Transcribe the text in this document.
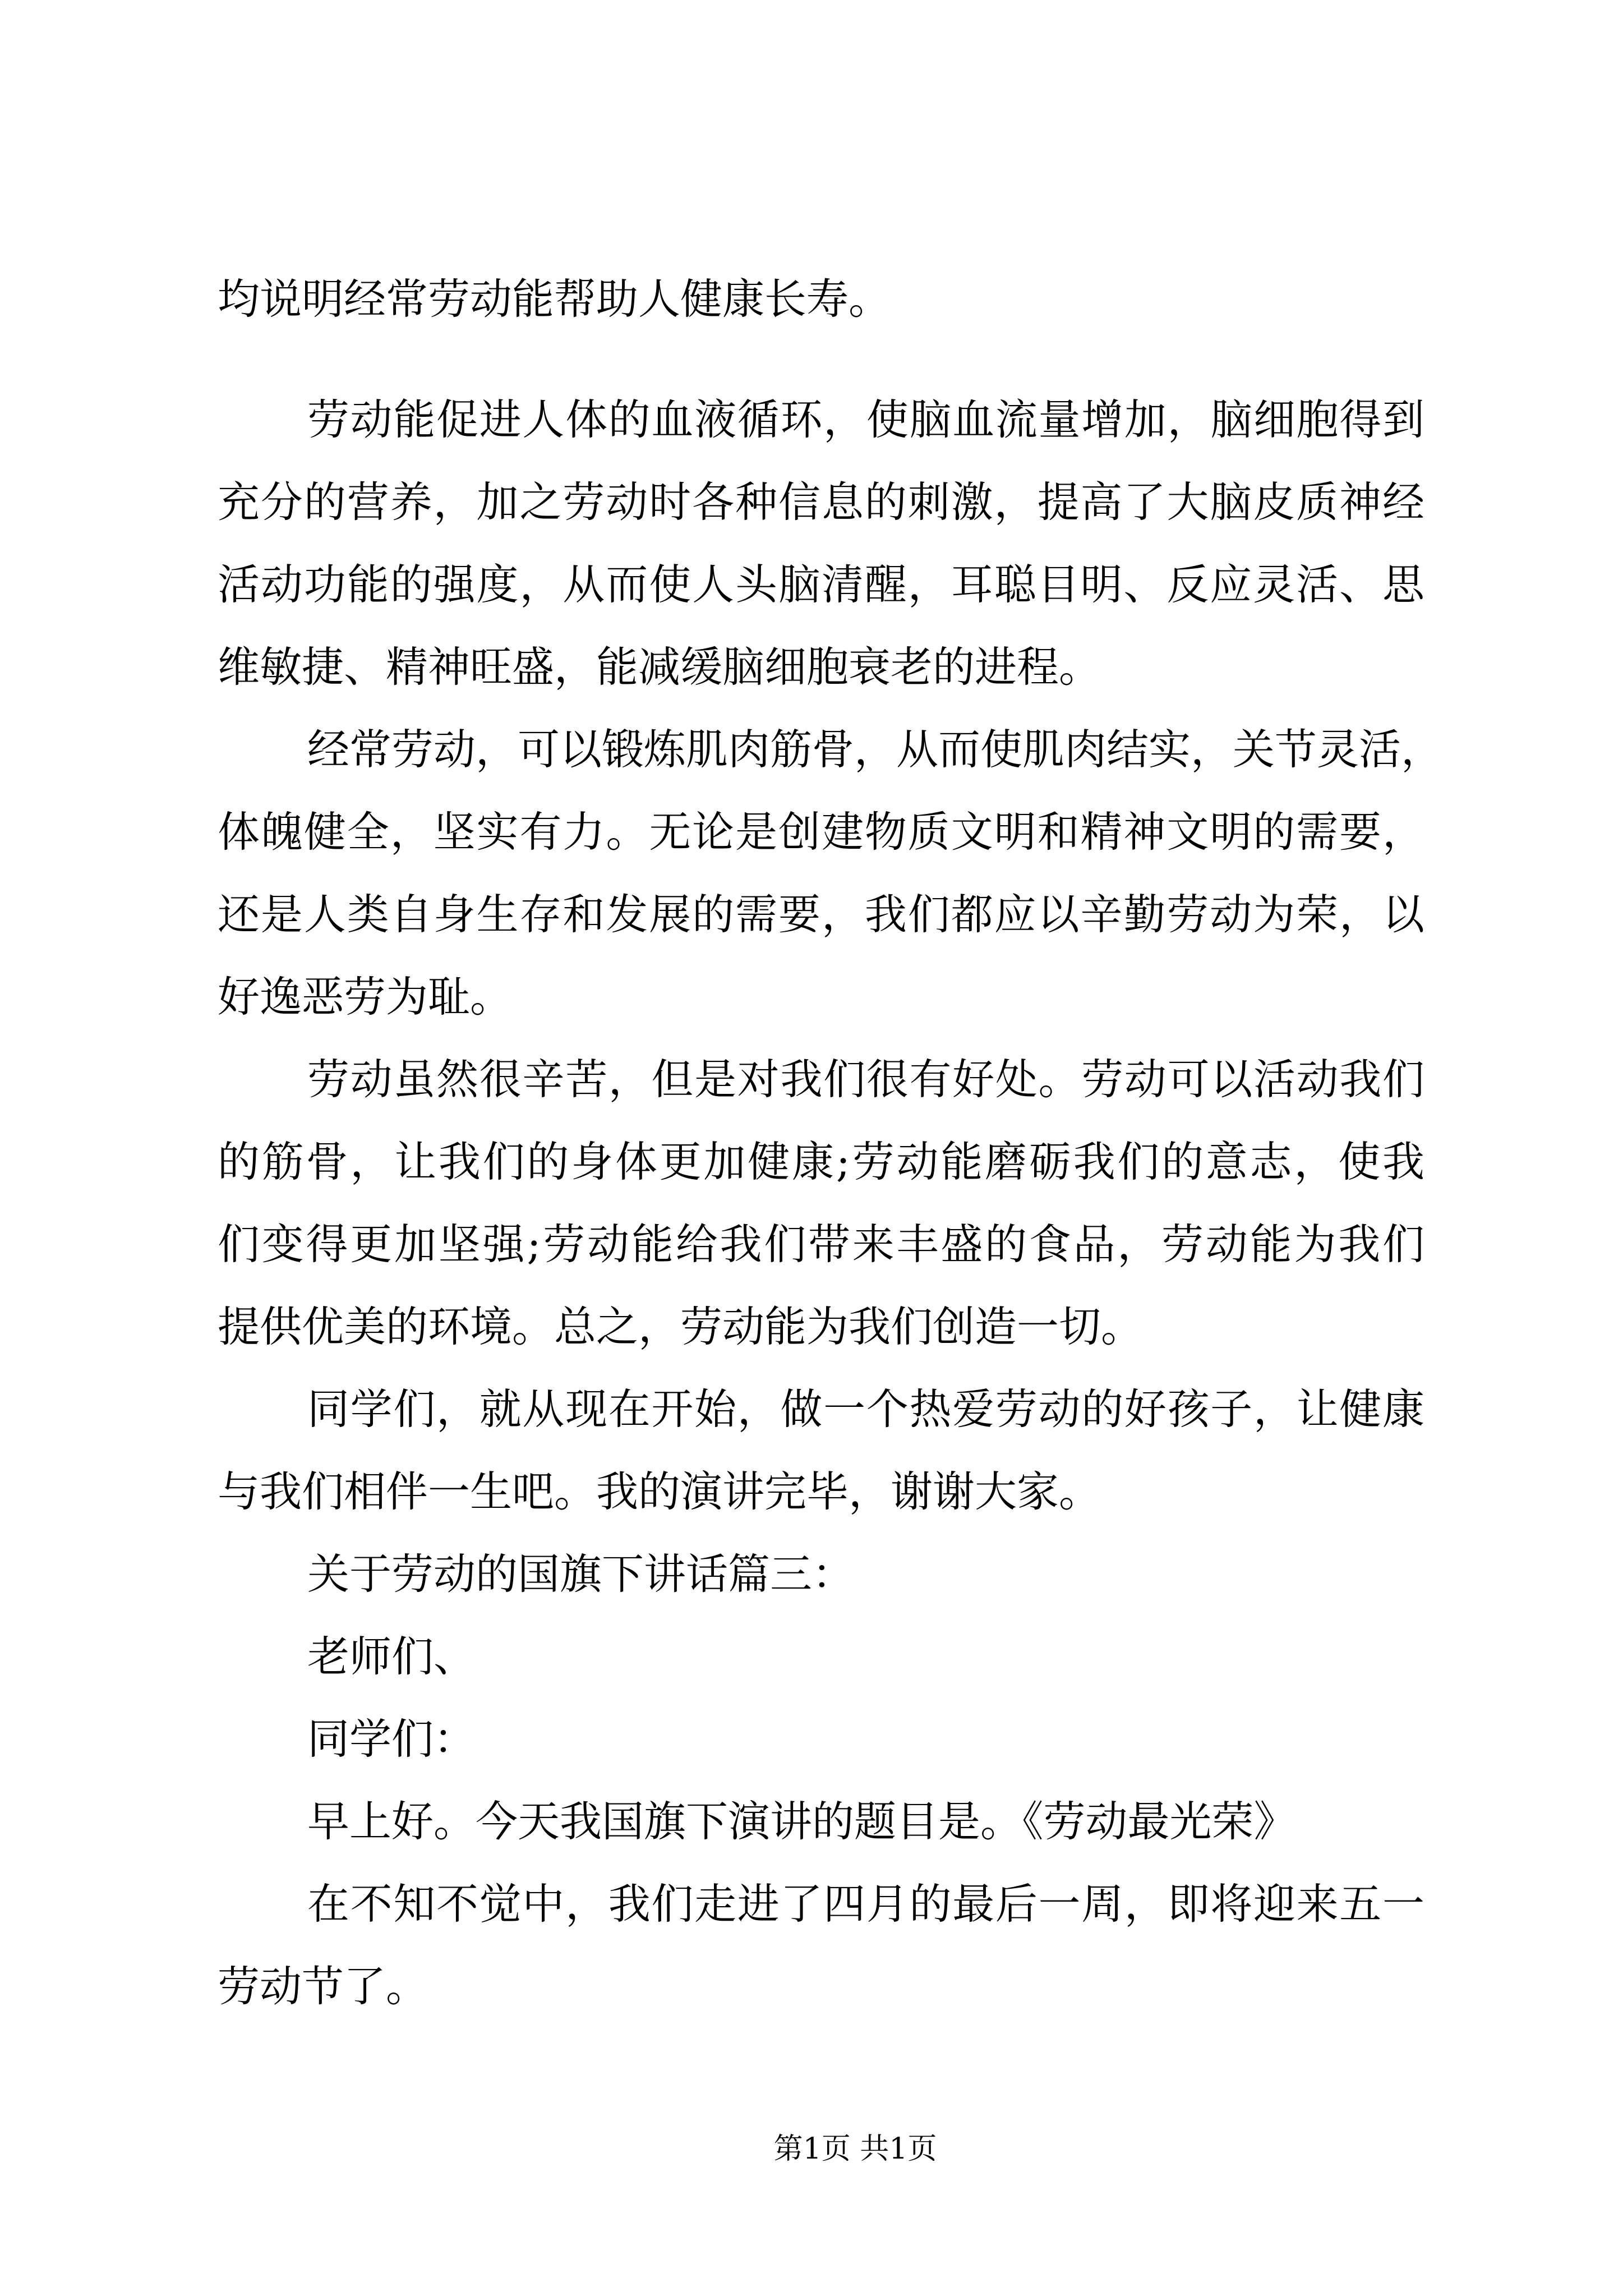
均说明经常劳动能帮助人健康长寿。
劳动能促进人体的血液循环，使脑血流量增加，脑细胞得到
充分的营养，加之劳动时各种信息的刺激，提高了大脑皮质神经
活动功能的强度，从而使人头脑清醒，耳聪目明、反应灵活、思
维敏捷、精神旺盛，能减缓脑细胞衰老的进程。
经常劳动，可以锻炼肌肉筋骨，从而使肌肉结实，关节灵活，
体魄健全，坚实有力。无论是创建物质文明和精神文明的需要，
还是人类自身生存和发展的需要，我们都应以辛勤劳动为荣，以
好逸恶劳为耻。
劳动虽然很辛苦，但是对我们很有好处。劳动可以活动我们
的筋骨，让我们的身体更加健康;劳动能磨砺我们的意志，使我
们变得更加坚强;劳动能给我们带来丰盛的食品，劳动能为我们
提供优美的环境。总之，劳动能为我们创造一切。
同学们，就从现在开始，做一个热爱劳动的好孩子，让健康
与我们相伴一生吧。我的演讲完毕，谢谢大家。
关于劳动的国旗下讲话篇三：
老师们、
同学们：
早上好。今天我国旗下演讲的题目是。《劳动最光荣》
在不知不觉中，我们走进了四月的最后一周，即将迎来五一
劳动节了。
第1页 共1页
